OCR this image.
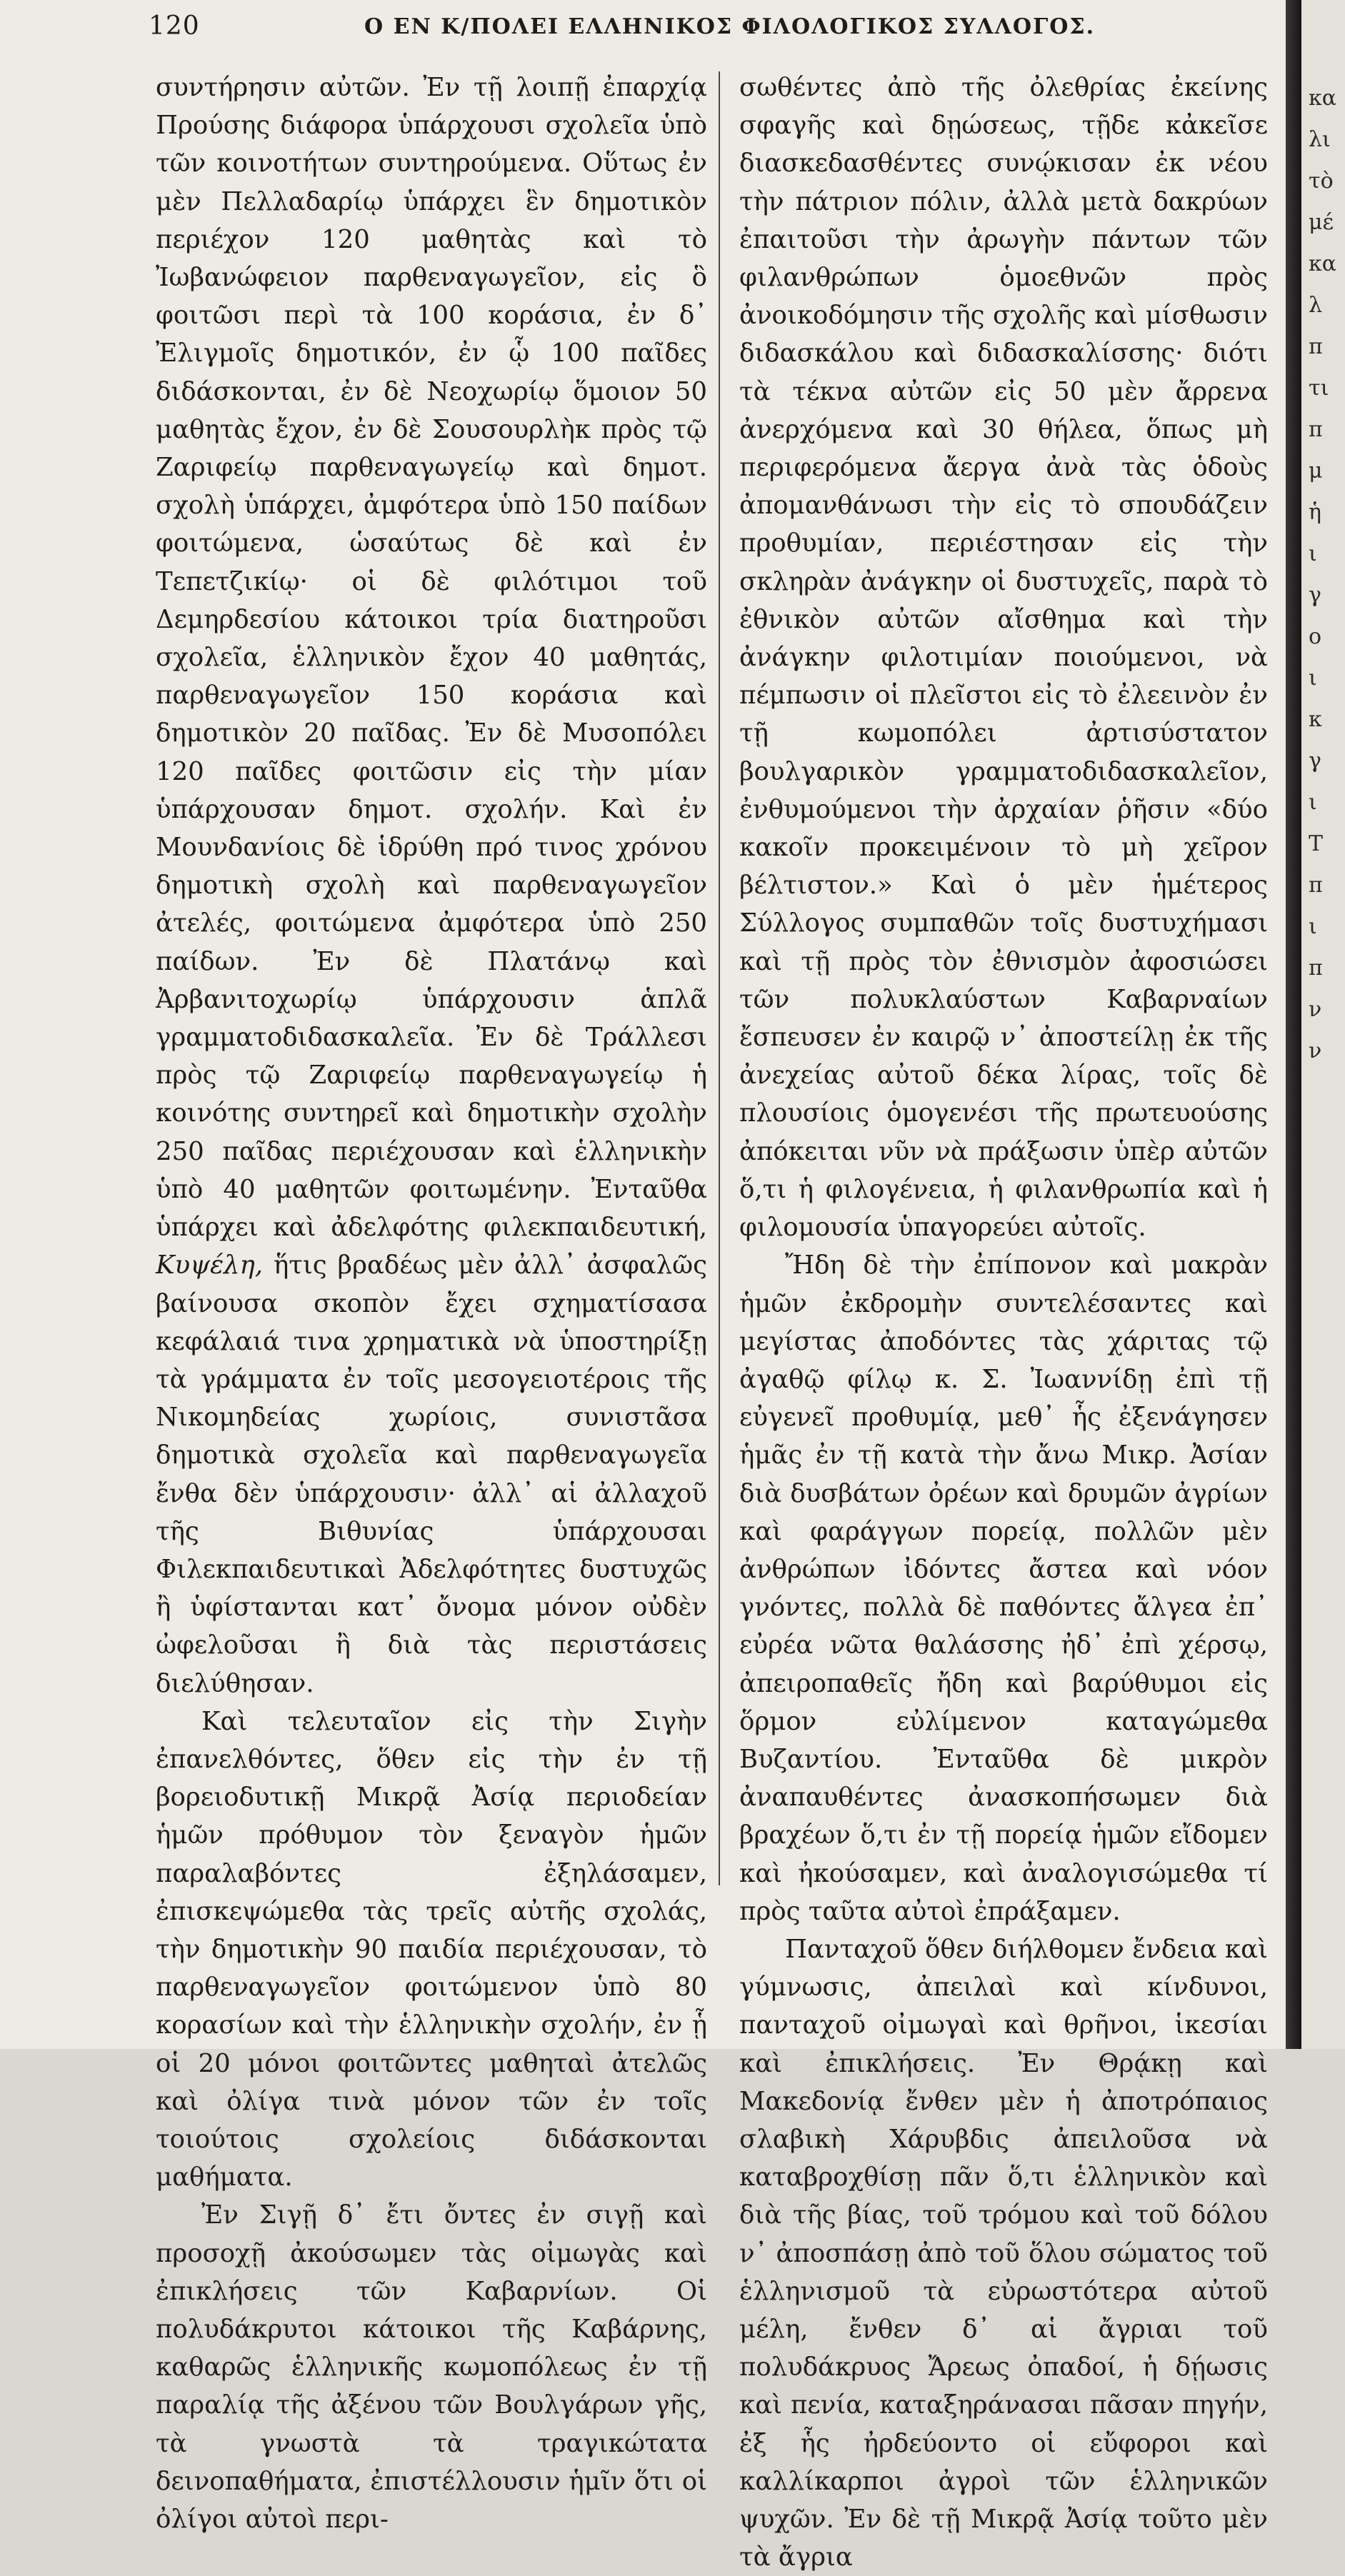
120	Ο ΕΝ Κ/ΠΟΛΕΙ ΕΛΛΗΝΙΚΟΣ ΦΙΛΟΛΟΓΙΚΟΣ ΣΥΛΛΟΓΟΣ.

συντήρησιν αὐτῶν. Ἐν τῇ λοιπῇ ἐπαρχίᾳ Προύσης διάφορα ὑπάρχουσι σχολεῖα ὑπὸ τῶν κοινοτήτων συντηρούμενα. Οὕτως ἐν μὲν Πελλαδαρίῳ ὑπάρχει ἓν δημοτικὸν περιέχον 120 μαθητὰς καὶ τὸ Ἰωβανώφειον παρθεναγωγεῖον, εἰς ὃ φοιτῶσι περὶ τὰ 100 κοράσια, ἐν δ᾿ Ἐλιγμοῖς δημοτικόν, ἐν ᾧ 100 παῖδες διδάσκονται, ἐν δὲ Νεοχωρίῳ ὅμοιον 50 μαθητὰς ἔχον, ἐν δὲ Σουσουρλὴκ πρὸς τῷ Ζαριφείῳ παρθεναγωγείῳ καὶ δημοτ. σχολὴ ὑπάρχει, ἀμφότερα ὑπὸ 150 παίδων φοιτώμενα, ὡσαύτως δὲ καὶ ἐν Τεπετζικίῳ· οἱ δὲ φιλότιμοι τοῦ Δεμηρδεσίου κάτοικοι τρία διατηροῦσι σχολεῖα, ἑλληνικὸν ἔχον 40 μαθητάς, παρθεναγωγεῖον 150 κοράσια καὶ δημοτικὸν 20 παῖδας. Ἐν δὲ Μυσοπόλει 120 παῖδες φοιτῶσιν εἰς τὴν μίαν ὑπάρχουσαν δημοτ. σχολήν. Καὶ ἐν Μουνδανίοις δὲ ἱδρύθη πρό τινος χρόνου δημοτικὴ σχολὴ καὶ παρθεναγωγεῖον ἀτελές, φοιτώμενα ἀμφότερα ὑπὸ 250 παίδων. Ἐν δὲ Πλατάνῳ καὶ Ἀρβανιτοχωρίῳ ὑπάρχουσιν ἁπλᾶ γραμματοδιδασκαλεῖα. Ἐν δὲ Τράλλεσι πρὸς τῷ Ζαριφείῳ παρθεναγωγείῳ ἡ κοινότης συντηρεῖ καὶ δημοτικὴν σχολὴν 250 παῖδας περιέχουσαν καὶ ἑλληνικὴν ὑπὸ 40 μαθητῶν φοιτωμένην. Ἐνταῦθα ὑπάρχει καὶ ἀδελφότης φιλεκπαιδευτική, Κυψέλη, ἥτις βραδέως μὲν ἀλλ᾿ ἀσφαλῶς βαίνουσα σκοπὸν ἔχει σχηματίσασα κεφάλαιά τινα χρηματικὰ νὰ ὑποστηρίξῃ τὰ γράμματα ἐν τοῖς μεσογειοτέροις τῆς Νικομηδείας χωρίοις, συνιστᾶσα δημοτικὰ σχολεῖα καὶ παρθεναγωγεῖα ἔνθα δὲν ὑπάρχουσιν· ἀλλ᾿ αἱ ἀλλαχοῦ τῆς Βιθυνίας ὑπάρχουσαι Φιλεκπαιδευτικαὶ Ἀδελφότητες δυστυχῶς ἢ ὑφίστανται κατ᾿ ὄνομα μόνον οὐδὲν ὠφελοῦσαι ἢ διὰ τὰς περιστάσεις διελύθησαν.

Καὶ τελευταῖον εἰς τὴν Σιγὴν ἐπανελθόντες, ὅθεν εἰς τὴν ἐν τῇ βορειοδυτικῇ Μικρᾷ Ἀσίᾳ περιοδείαν ἡμῶν πρόθυμον τὸν ξεναγὸν ἡμῶν παραλαβόντες ἐξηλάσαμεν, ἐπισκεψώμεθα τὰς τρεῖς αὐτῆς σχολάς, τὴν δημοτικὴν 90 παιδία περιέχουσαν, τὸ παρθεναγωγεῖον φοιτώμενον ὑπὸ 80 κορασίων καὶ τὴν ἑλληνικὴν σχολήν, ἐν ᾗ οἱ 20 μόνοι φοιτῶντες μαθηταὶ ἀτελῶς καὶ ὀλίγα τινὰ μόνον τῶν ἐν τοῖς τοιούτοις σχολείοις διδάσκονται μαθήματα.

Ἐν Σιγῇ δ᾿ ἔτι ὄντες ἐν σιγῇ καὶ προσοχῇ ἀκούσωμεν τὰς οἰμωγὰς καὶ ἐπικλήσεις τῶν Καβαρνίων. Οἱ πολυδάκρυτοι κάτοικοι τῆς Καβάρνης, καθαρῶς ἑλληνικῆς κωμοπόλεως ἐν τῇ παραλίᾳ τῆς ἀξένου τῶν Βουλγάρων γῆς, τὰ γνωστὰ τὰ τραγικώτατα δεινοπαθήματα, ἐπιστέλλουσιν ἡμῖν ὅτι οἱ ὀλίγοι αὐτοὶ περι-

σωθέντες ἀπὸ τῆς ὀλεθρίας ἐκείνης σφαγῆς καὶ δῃώσεως, τῇδε κἀκεῖσε διασκεδασθέντες συνῴκισαν ἐκ νέου τὴν πάτριον πόλιν, ἀλλὰ μετὰ δακρύων ἐπαιτοῦσι τὴν ἀρωγὴν πάντων τῶν φιλανθρώπων ὁμοεθνῶν πρὸς ἀνοικοδόμησιν τῆς σχολῆς καὶ μίσθωσιν διδασκάλου καὶ διδασκαλίσσης· διότι τὰ τέκνα αὐτῶν εἰς 50 μὲν ἄρρενα ἀνερχόμενα καὶ 30 θήλεα, ὅπως μὴ περιφερόμενα ἄεργα ἀνὰ τὰς ὁδοὺς ἀπομανθάνωσι τὴν εἰς τὸ σπουδάζειν προθυμίαν, περιέστησαν εἰς τὴν σκληρὰν ἀνάγκην οἱ δυστυχεῖς, παρὰ τὸ ἐθνικὸν αὐτῶν αἴσθημα καὶ τὴν ἀνάγκην φιλοτιμίαν ποιούμενοι, νὰ πέμπωσιν οἱ πλεῖστοι εἰς τὸ ἐλεεινὸν ἐν τῇ κωμοπόλει ἀρτισύστατον βουλγαρικὸν γραμματοδιδασκαλεῖον, ἐνθυμούμενοι τὴν ἀρχαίαν ῥῆσιν «δύο κακοῖν προκειμένοιν τὸ μὴ χεῖρον βέλτιστον.» Καὶ ὁ μὲν ἡμέτερος Σύλλογος συμπαθῶν τοῖς δυστυχήμασι καὶ τῇ πρὸς τὸν ἐθνισμὸν ἀφοσιώσει τῶν πολυκλαύστων Καβαρναίων ἔσπευσεν ἐν καιρῷ ν᾿ ἀποστείλῃ ἐκ τῆς ἀνεχείας αὐτοῦ δέκα λίρας, τοῖς δὲ πλουσίοις ὁμογενέσι τῆς πρωτευούσης ἀπόκειται νῦν νὰ πράξωσιν ὑπὲρ αὐτῶν ὅ,τι ἡ φιλογένεια, ἡ φιλανθρωπία καὶ ἡ φιλομουσία ὑπαγορεύει αὐτοῖς.

Ἤδη δὲ τὴν ἐπίπονον καὶ μακρὰν ἡμῶν ἐκδρομὴν συντελέσαντες καὶ μεγίστας ἀποδόντες τὰς χάριτας τῷ ἀγαθῷ φίλῳ κ. Σ. Ἰωαννίδῃ ἐπὶ τῇ εὐγενεῖ προθυμίᾳ, μεθ᾿ ἧς ἐξενάγησεν ἡμᾶς ἐν τῇ κατὰ τὴν ἄνω Μικρ. Ἀσίαν διὰ δυσβάτων ὀρέων καὶ δρυμῶν ἀγρίων καὶ φαράγγων πορείᾳ, πολλῶν μὲν ἀνθρώπων ἰδόντες ἄστεα καὶ νόον γνόντες, πολλὰ δὲ παθόντες ἄλγεα ἐπ᾿ εὐρέα νῶτα θαλάσσης ἠδ᾿ ἐπὶ χέρσῳ, ἀπειροπαθεῖς ἤδη καὶ βαρύθυμοι εἰς ὅρμον εὐλίμενον καταγώμεθα Βυζαντίου. Ἐνταῦθα δὲ μικρὸν ἀναπαυθέντες ἀνασκοπήσωμεν διὰ βραχέων ὅ,τι ἐν τῇ πορείᾳ ἡμῶν εἴδομεν καὶ ἠκούσαμεν, καὶ ἀναλογισώμεθα τί πρὸς ταῦτα αὐτοὶ ἐπράξαμεν.

Πανταχοῦ ὅθεν διήλθομεν ἔνδεια καὶ γύμνωσις, ἀπειλαὶ καὶ κίνδυνοι, πανταχοῦ οἰμωγαὶ καὶ θρῆνοι, ἱκεσίαι καὶ ἐπικλήσεις. Ἐν Θρᾴκῃ καὶ Μακεδονίᾳ ἔνθεν μὲν ἡ ἀποτρόπαιος σλαβικὴ Χάρυβδις ἀπειλοῦσα νὰ καταβροχθίσῃ πᾶν ὅ,τι ἑλληνικὸν καὶ διὰ τῆς βίας, τοῦ τρόμου καὶ τοῦ δόλου ν᾿ ἀποσπάσῃ ἀπὸ τοῦ ὅλου σώματος τοῦ ἑλληνισμοῦ τὰ εὐρωστότερα αὐτοῦ μέλη, ἔνθεν δ᾿ αἱ ἄγριαι τοῦ πολυδάκρυος Ἄρεως ὀπαδοί, ἡ δῄωσις καὶ πενία, καταξηράνασαι πᾶσαν πηγήν, ἐξ ἧς ἠρδεύοντο οἱ εὔφοροι καὶ καλλίκαρποι ἀγροὶ τῶν ἑλληνικῶν ψυχῶν. Ἐν δὲ τῇ Μικρᾷ Ἀσίᾳ τοῦτο μὲν τὰ ἄγρια

κα
λι
τὸ
μέ
κα
λ
π
τι
π
μ
ἡ
ι
γ
ο
ι
κ
γ
ι
Τ
π
ι
π
ν
ν
